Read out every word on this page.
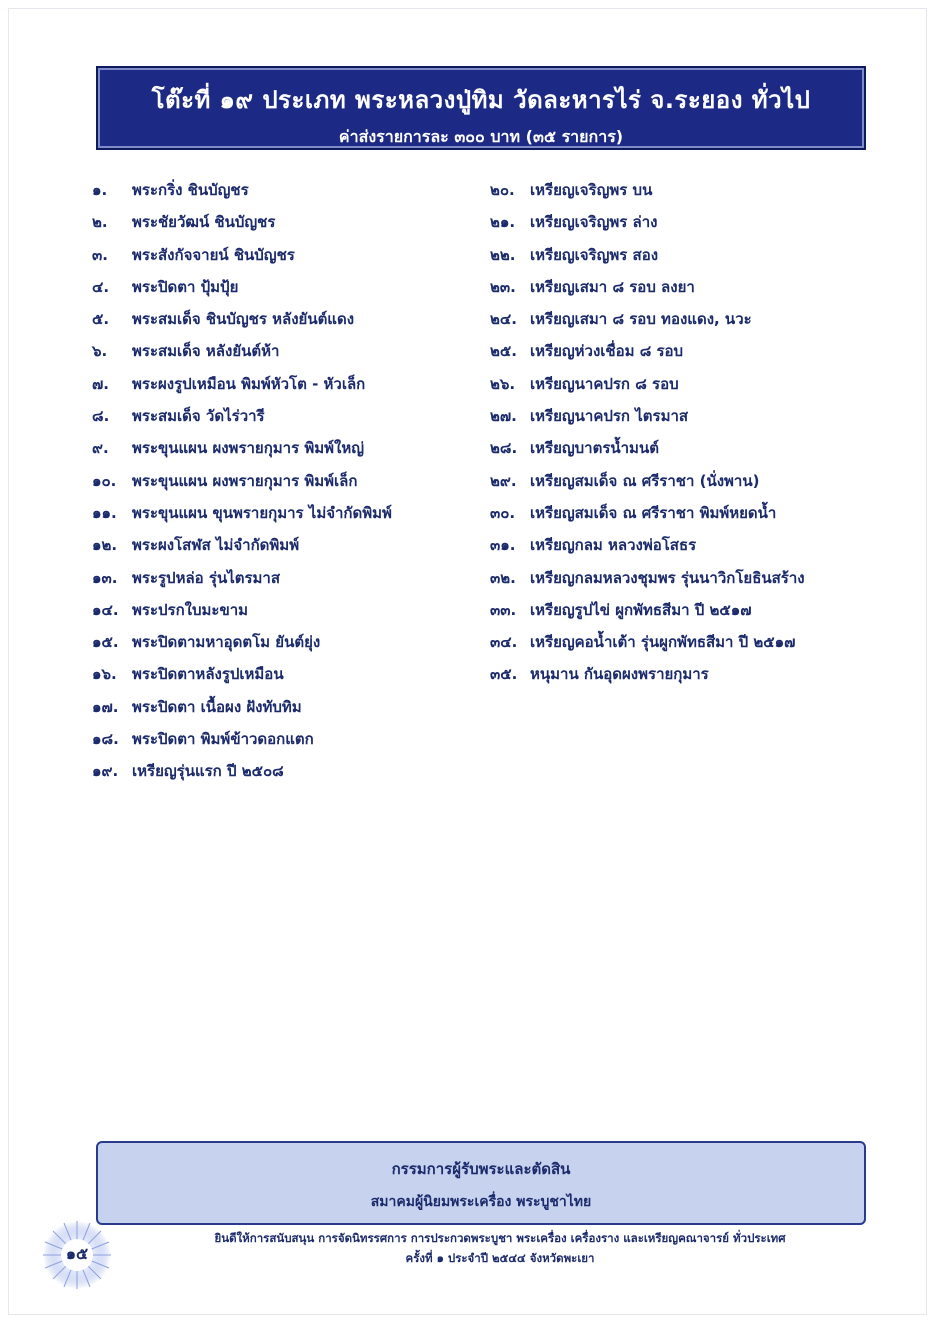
โต๊ะที่ ๑๙ ประเภท พระหลวงปู่ทิม วัดละหารไร่ จ.ระยอง ทั่วไป
ค่าส่งรายการละ ๓๐๐ บาท (๓๕ รายการ)
๑.	พระกริ่ง ชินบัญชร
๒.	พระชัยวัฒน์ ชินบัญชร
๓.	พระสังกัจจายน์ ชินบัญชร
๔.	พระปิดตา ปุ้มปุ้ย
๕.	พระสมเด็จ ชินบัญชร หลังยันต์แดง
๖.	พระสมเด็จ หลังยันต์ห้า
๗.	พระผงรูปเหมือน พิมพ์หัวโต - หัวเล็ก
๘.	พระสมเด็จ วัดไร่วารี
๙.	พระขุนแผน ผงพรายกุมาร พิมพ์ใหญ่
๑๐.	พระขุนแผน ผงพรายกุมาร พิมพ์เล็ก
๑๑.	พระขุนแผน ขุนพรายกุมาร ไม่จำกัดพิมพ์
๑๒. พระผงโสฬส ไม่จำกัดพิมพ์
๑๓. พระรูปหล่อ รุ่นไตรมาส
๑๔. พระปรกใบมะขาม
๑๕. พระปิดตามหาอุดตโม ยันต์ยุ่ง
๑๖.	พระปิดตาหลังรูปเหมือน
๑๗. พระปิดตา เนื้อผง ฝังทับทิม
๑๘. พระปิดตา พิมพ์ข้าวดอกแตก
๑๙. เหรียญรุ่นแรก ปี ๒๕๐๘
๒๐.	เหรียญเจริญพร บน
๒๑. เหรียญเจริญพร ล่าง
๒๒. เหรียญเจริญพร สอง
๒๓. เหรียญเสมา ๘ รอบ ลงยา
๒๔. เหรียญเสมา ๘ รอบ ทองแดง, นวะ
๒๕. เหรียญห่วงเชื่อม ๘ รอบ
๒๖. เหรียญนาคปรก ๘ รอบ
๒๗. เหรียญนาคปรก ไตรมาส
๒๘. เหรียญบาตรน้ำมนต์
๒๙. เหรียญสมเด็จ ณ ศรีราชา (นั่งพาน)
๓๐. เหรียญสมเด็จ ณ ศรีราชา พิมพ์หยดน้ำ
๓๑. เหรียญกลม หลวงพ่อโสธร
๓๒. เหรียญกลมหลวงชุมพร รุ่นนาวิกโยธินสร้าง
๓๓. เหรียญรูปไข่ ผูกพัทธสีมา ปี ๒๕๑๗
๓๔. เหรียญคอน้ำเต้า รุ่นผูกพัทธสีมา ปี ๒๕๑๗
๓๕. หนุมาน กันอุดผงพรายกุมาร
กรรมการผู้รับพระและตัดสิน
สมาคมผู้นิยมพระเครื่อง พระบูชาไทย
ยินดีให้การสนับสนุน การจัดนิทรรศการ การประกวดพระบูชา พระเครื่อง เครื่องราง และเหรียญคณาจารย์ ทั่วประเทศ
ครั้งที่ ๑ ประจำปี ๒๕๔๔ จังหวัดพะเยา
๑๕
